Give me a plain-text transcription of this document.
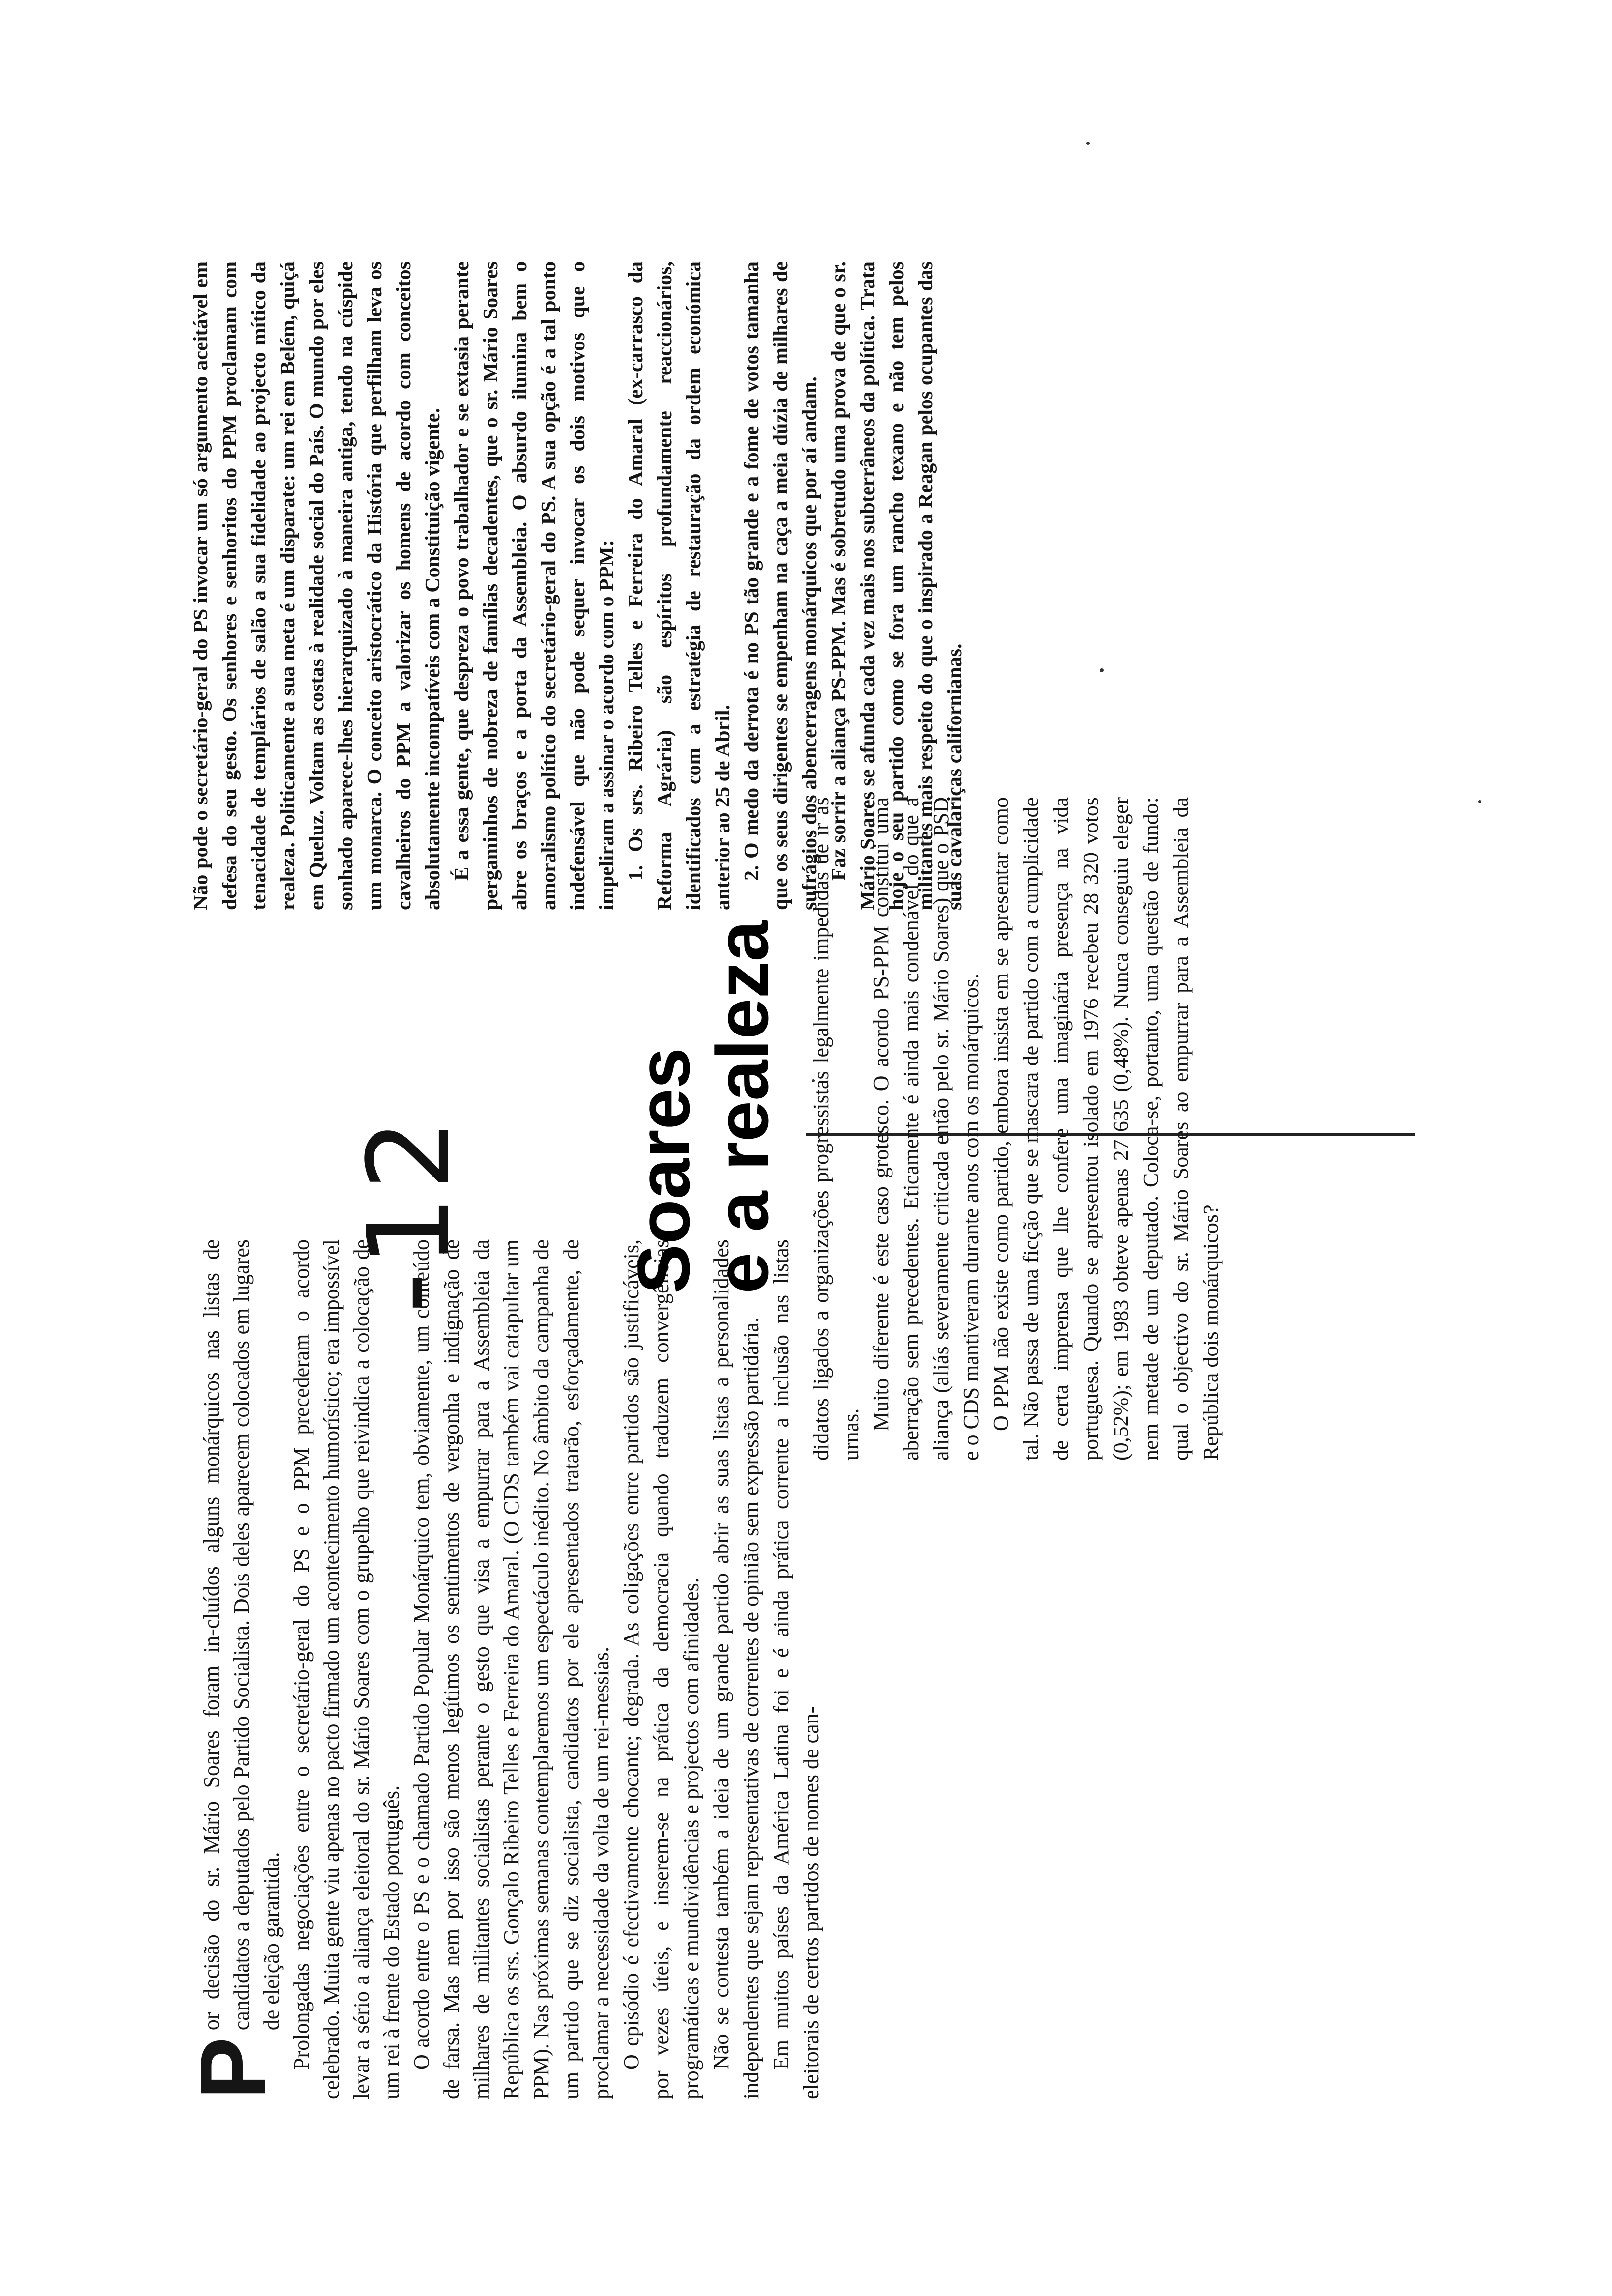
P
or decisão do sr. Mário Soares foram in-cluídos alguns monárquicos nas listas de candidatos a deputados pelo Partido Socialista. Dois deles aparecem colocados em lugares de eleição garantida. Prolongadas negociações entre o secretário-geral do PS e o PPM precederam o acordo celebrado. Muita gente viu apenas no pacto firmado um acontecimento humorístico; era impossível levar a sério a aliança eleitoral do sr. Mário Soares com o grupelho que reivindica a colocação de um rei à frente do Estado português. O acordo entre o PS e o chamado Partido Popular Monárquico tem, obviamente, um conteúdo de farsa. Mas nem por isso são menos legítimos os sentimentos de vergonha e indignação de milhares de militantes socialistas perante o gesto que visa a empurrar para a Assembleia da República os srs. Gonçalo Ribeiro Telles e Ferreira do Amaral. (O CDS também vai catapultar um PPM). Nas próximas semanas contemplaremos um espectáculo inédito. No âmbito da campanha de um partido que se diz socialista, candidatos por ele apresentados tratarão, esforçadamente, de proclamar a necessidade da volta de um rei-messias. O episódio é efectivamente chocante; degrada. As coligações entre partidos são justificáveis, por vezes úteis, e inserem-se na prática da democracia quando traduzem convergências programáticas e mundividências e projectos com afinidades. Não se contesta também a ideia de um grande partido abrir as suas listas a personalidades independentes que sejam representativas de correntes de opinião sem expressão partidária. Em muitos países da América Latina foi e é ainda prática corrente a inclusão nas listas eleitorais de certos partidos de nomes de can-

Soares
e a realeza
-12	didatos ligados a organizações progressistas legalmente impedidas de ir às urnas.

Muito diferente é este caso grotesco. O acordo PS-PPM constitui uma aberração sem precedentes. Eticamente é ainda mais condenável do que a aliança (aliás severamente criticada então pelo sr. Mário Soares) que o PSD e o CDS mantiveram durante anos com os monárquicos. O PPM não existe como partido, embora insista em se apresentar como tal. Não passa de uma ficção que se mascara de partido com a cumplicidade de certa imprensa que lhe confere uma imaginária presença na vida portuguesa. Quando se apresentou isolado em 1976 recebeu 28 320 votos (0,52%); em 1983 obteve apenas 27 635 (0,48%). Nunca conseguiu eleger nem metade de um deputado. Coloca-se, portanto, uma questão de fundo: qual o objectivo do sr. Mário Soares ao empurrar para a Assembleia da República dois monárquicos?

Não pode o secretário-geral do PS invocar um só argumento aceitável em defesa do seu gesto. Os senhores e senhoritos do PPM proclamam com tenacidade de templários de salão a sua fidelidade ao projecto mítico da realeza. Politicamente a sua meta é um disparate: um rei em Belém, quiçá em Queluz. Voltam as costas à realidade social do País. O mundo por eles sonhado aparece-lhes hierarquizado à maneira antiga, tendo na cúspide um monarca. O conceito aristocrático da História que perfilham leva os cavalheiros do PPM a valorizar os homens de acordo com conceitos absolutamente incompatíveis com a Constituição vigente. É a essa gente, que despreza o povo trabalhador e se extasia perante pergaminhos de nobreza de famílias decadentes, que o sr. Mário Soares abre os braços e a porta da Assembleia. O absurdo ilumina bem o amoralismo político do secretário-geral do PS. A sua opção é a tal ponto indefensável que não pode sequer invocar os dois motivos que o impeliram a assinar o acordo com o PPM: 1. Os srs. Ribeiro Telles e Ferreira do Amaral (ex-carrasco da Reforma Agrária) são espíritos profundamente reaccionários, identificados com a estratégia de restauração da ordem económica anterior ao 25 de Abril. 2. O medo da derrota é no PS tão grande e a fome de votos tamanha que os seus dirigentes se empenham na caça a meia dúzia de milhares de sufrágios dos abencerragens monárquicos que por aí andam. Faz sorrir a aliança PS-PPM. Mas é sobretudo uma prova de que o sr. Mário Soares se afunda cada vez mais nos subterrâneos da política. Trata hoje o seu partido como se fora um rancho texano e não tem pelos militantes mais respeito do que o inspirado a Reagan pelos ocupantes das suas cavalariças californianas.
